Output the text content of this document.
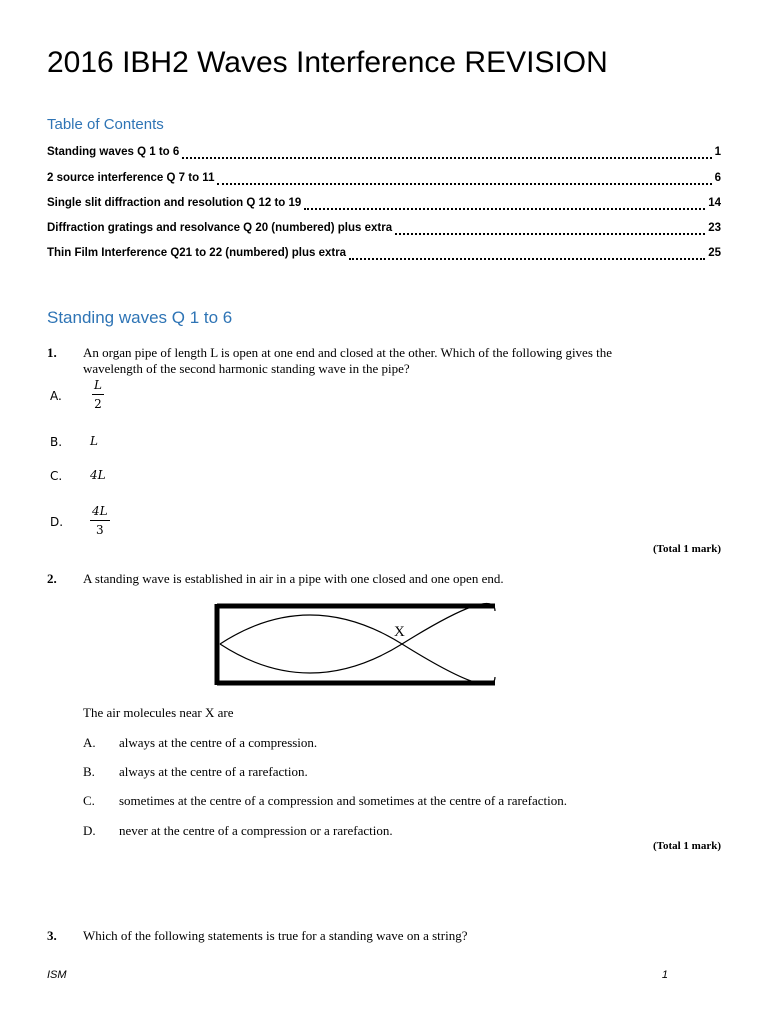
2016 IBH2 Waves Interference REVISION
Table of Contents
Standing waves Q 1 to 6	1
2 source interference Q 7 to 11	6
Single slit diffraction and resolution Q 12 to 19	14
Diffraction gratings and resolvance Q 20 (numbered) plus extra	23
Thin Film Interference Q21 to 22 (numbered) plus extra	25
Standing waves Q 1 to 6
1. An organ pipe of length L is open at one end and closed at the other. Which of the following gives the
wavelength of the second harmonic standing wave in the pipe?
A.
L
2
B. L
C. 4L
D.
4L
3
(Total 1 mark)
2. A standing wave is established in air in a pipe with one closed and one open end.
X
The air molecules near X are
A. always at the centre of a compression.
B. always at the centre of a rarefaction.
C. sometimes at the centre of a compression and sometimes at the centre of a rarefaction.
D. never at the centre of a compression or a rarefaction.
(Total 1 mark)
3. Which of the following statements is true for a standing wave on a string?
ISM	1
